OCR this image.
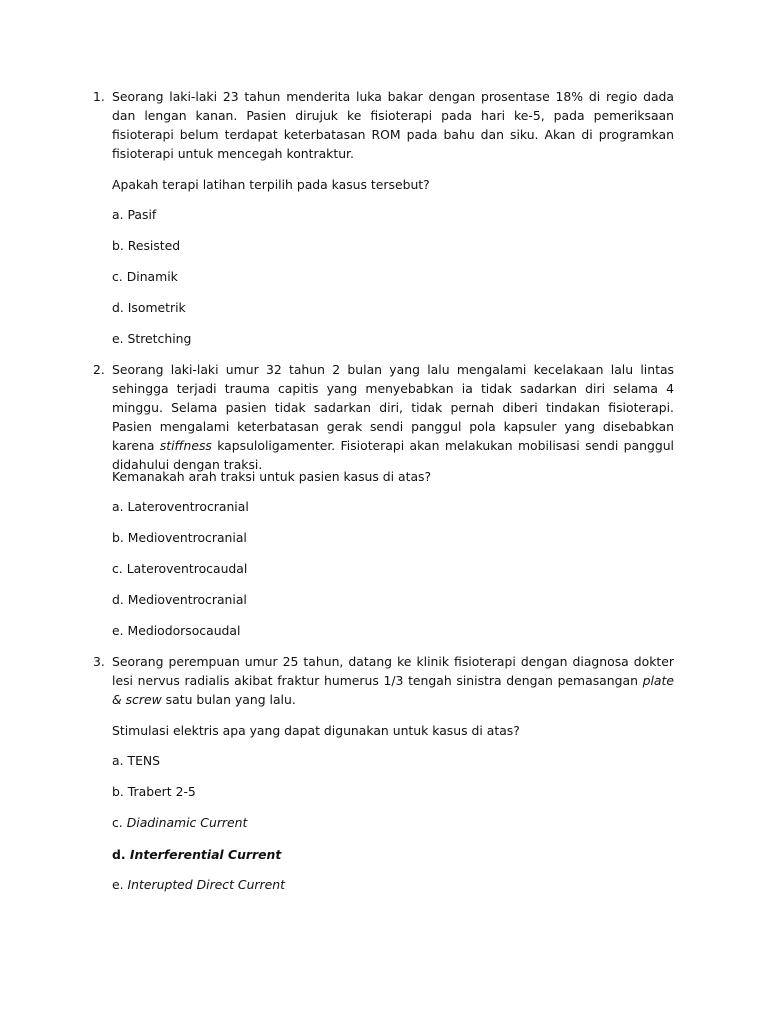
1. Seorang laki-laki 23 tahun menderita luka bakar dengan prosentase 18% di regio dada dan lengan kanan. Pasien dirujuk ke fisioterapi pada hari ke-5, pada pemeriksaan fisioterapi belum terdapat keterbatasan ROM pada bahu dan siku. Akan di programkan fisioterapi untuk mencegah kontraktur.
Apakah terapi latihan terpilih pada kasus tersebut?
a. Pasif
b. Resisted
c. Dinamik
d. Isometrik
e. Stretching
2. Seorang laki-laki umur 32 tahun 2 bulan yang lalu mengalami kecelakaan lalu lintas sehingga terjadi trauma capitis yang menyebabkan ia tidak sadarkan diri selama 4 minggu. Selama pasien tidak sadarkan diri, tidak pernah diberi tindakan fisioterapi. Pasien mengalami keterbatasan gerak sendi panggul pola kapsuler yang disebabkan karena stiffness kapsuloligamenter. Fisioterapi akan melakukan mobilisasi sendi panggul didahului dengan traksi.
Kemanakah arah traksi untuk pasien kasus di atas?
a. Lateroventrocranial
b. Medioventrocranial
c. Lateroventrocaudal
d. Medioventrocranial
e. Mediodorsocaudal
3. Seorang perempuan umur 25 tahun, datang ke klinik fisioterapi dengan diagnosa dokter lesi nervus radialis akibat fraktur humerus 1/3 tengah sinistra dengan pemasangan plate & screw satu bulan yang lalu.
Stimulasi elektris apa yang dapat digunakan untuk kasus di atas?
a. TENS
b. Trabert 2-5
c. Diadinamic Current
d. Interferential Current
e. Interupted Direct Current
